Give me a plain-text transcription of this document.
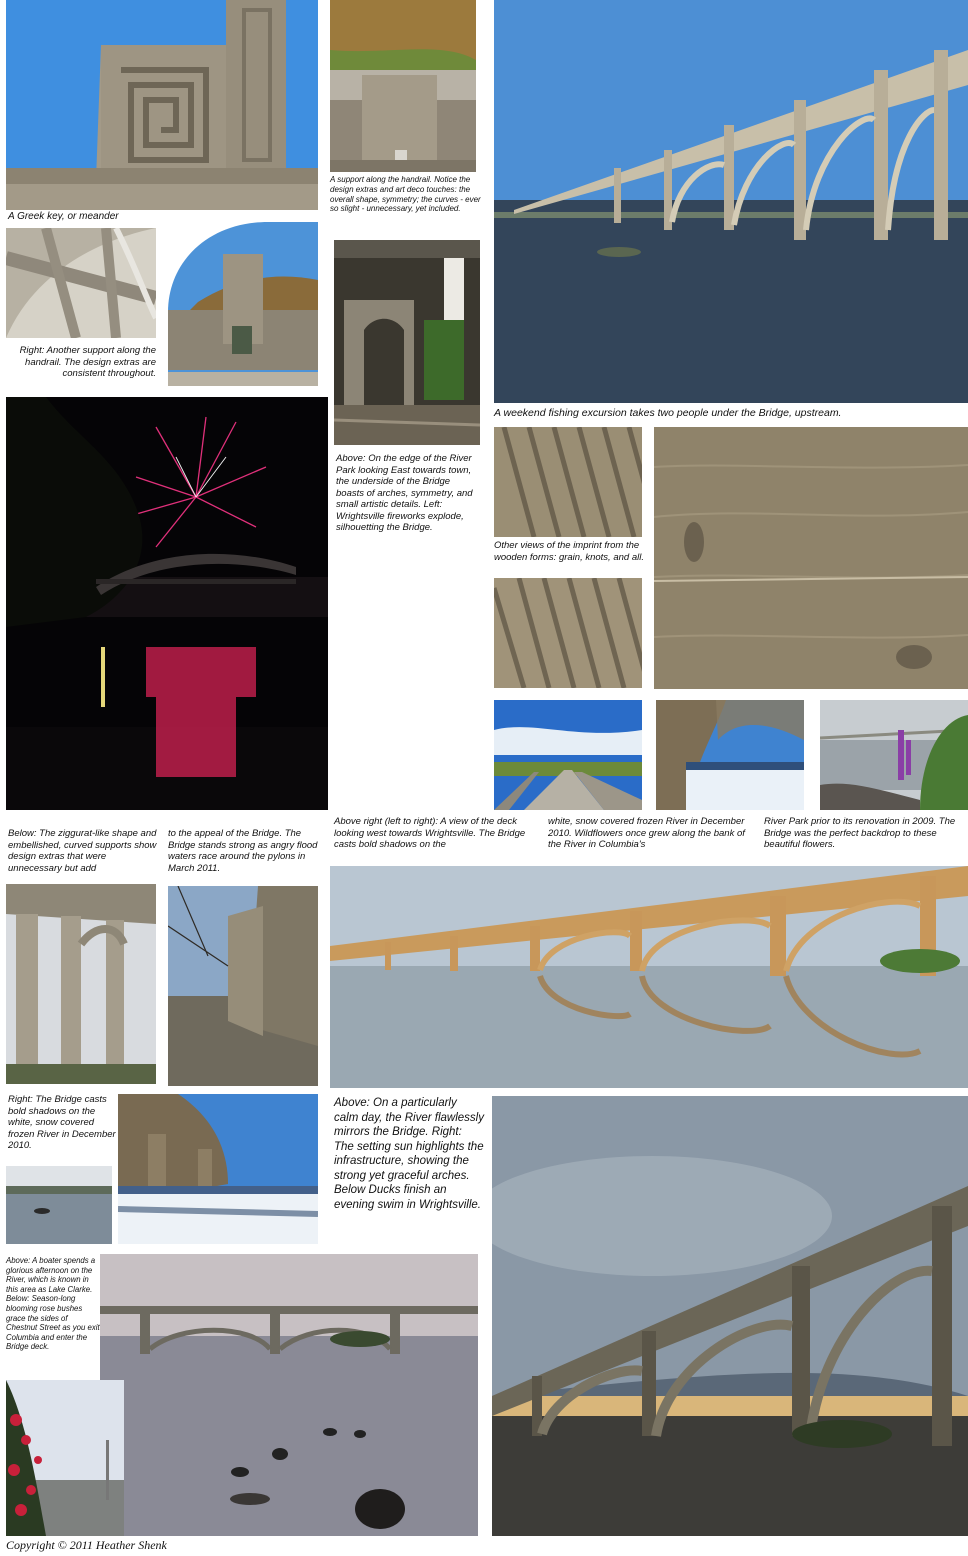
A Greek key, or meander

A support along the handrail. Notice the design extras and art deco touches: the overall shape, symmetry; the curves - ever so slight - unnecessary, yet included.

Right: Another support along the handrail. The design extras are consistent throughout.

Above: On the edge of the River Park looking East towards town, the underside of the Bridge boasts of arches, symmetry, and small artistic details. Left: Wrightsville fireworks explode, silhouetting the Bridge.

A weekend fishing excursion takes two people under the Bridge, upstream.

Other views of the imprint from the wooden forms: grain, knots, and all.

Below: The ziggurat-like shape and embellished, curved supports show design extras that were unnecessary but add

to the appeal of the Bridge. The Bridge stands strong as angry flood waters race around the pylons in March 2011.

Above right (left to right): A view of the deck looking west towards Wrightsville. The Bridge casts bold shadows on the

white, snow covered frozen River in December 2010. Wildflowers once grew along the bank of the River in Columbia's

River Park prior to its renovation in 2009. The Bridge was the perfect backdrop to these beautiful flowers.

Right: The Bridge casts bold shadows on the white, snow covered frozen River in December 2010.

Above: On a particularly calm day, the River flawlessly mirrors the Bridge. Right: The setting sun highlights the infrastructure, showing the strong yet graceful arches. Below Ducks finish an evening swim in Wrightsville.

Above: A boater spends a glorious afternoon on the River, which is known in this area as Lake Clarke. Below: Season-long blooming rose bushes grace the sides of Chestnut Street as you exit Columbia and enter the Bridge deck.

Copyright © 2011 Heather Shenk
